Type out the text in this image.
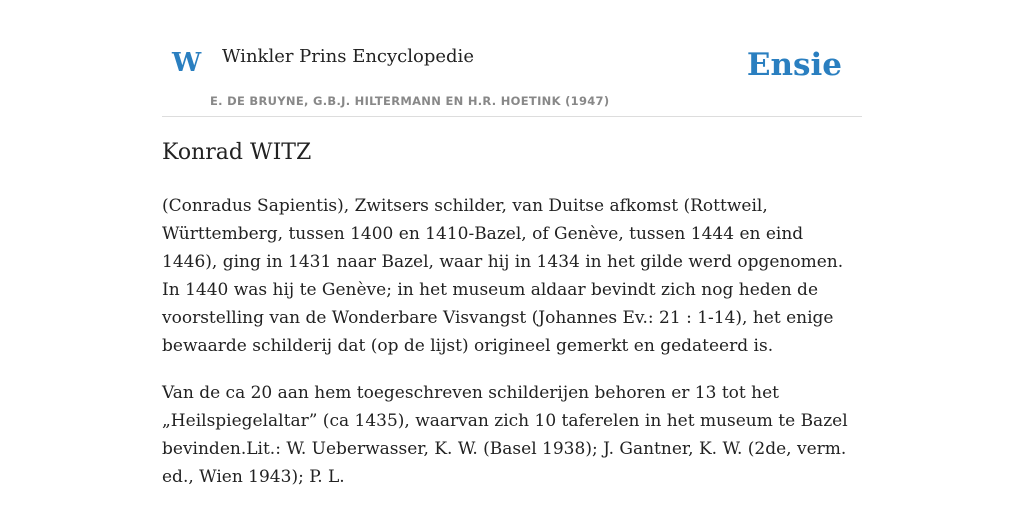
W Winkler Prins Encyclopedie
E. DE BRUYNE, G.B.J. HILTERMANN EN H.R. HOETINK (1947)
Ensie
Konrad WITZ

(Conradus Sapientis), Zwitsers schilder, van Duitse afkomst (Rottweil, Württemberg, tussen 1400 en 1410-Bazel, of Genève, tussen 1444 en eind 1446), ging in 1431 naar Bazel, waar hij in 1434 in het gilde werd opgenomen. In 1440 was hij te Genève; in het museum aldaar bevindt zich nog heden de voorstelling van de Wonderbare Visvangst (Johannes Ev.: 21 : 1-14), het enige bewaarde schilderij dat (op de lijst) origineel gemerkt en gedateerd is.

Van de ca 20 aan hem toegeschreven schilderijen behoren er 13 tot het „Heilspiegelaltar” (ca 1435), waarvan zich 10 taferelen in het museum te Bazel bevinden.Lit.: W. Ueberwasser, K. W. (Basel 1938); J. Gantner, K. W. (2de, verm. ed., Wien 1943); P. L.
